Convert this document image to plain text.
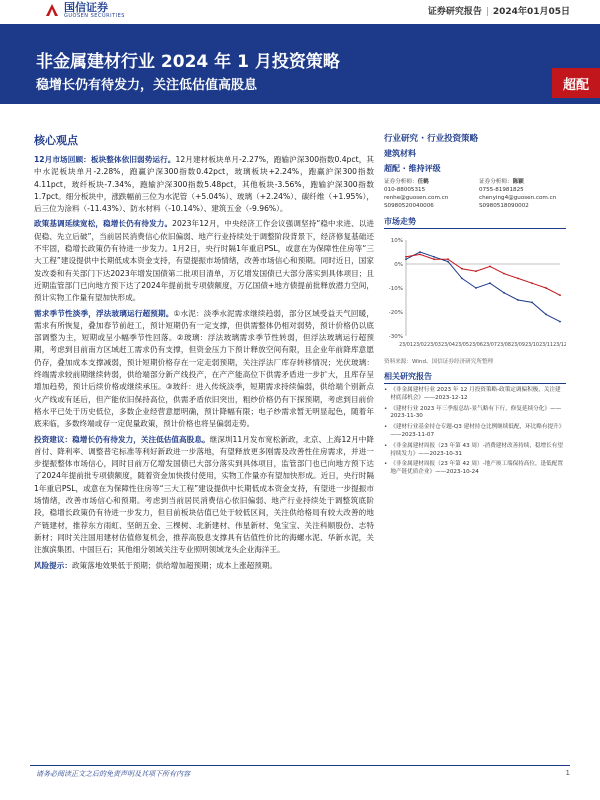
国信证券
GUOSEN SECURITIES	证券研究报告 | 2024年01月05日
非金属建材行业 2024 年 1 月投资策略
稳增长仍有待发力，关注低估值高股息	超配
核心观点

12月市场回顾：板块整体依旧弱势运行。12月建材板块单月-2.27%，跑输沪深300指数0.4pct，其中水泥板块单月-2.28%，跑赢沪深300指数0.42pct，玻璃板块+2.24%，跑赢沪深300指数4.11pct，玻纤板块-7.34%，跑输沪深300指数5.48pct，其他板块-3.56%，跑输沪深300指数1.7pct。细分板块中，涨跌幅前三位为水泥管（+5.04%）、玻璃（+2.24%）、碳纤维（+1.95%），后三位为涂料（-11.43%）、防水材料（-10.14%）、建筑五金（-9.96%）。

政策基调延续宽松，稳增长仍有待发力。2023年12月，中央经济工作会议强调坚持“稳中求进、以进促稳、先立后破”，当前居民消费信心依旧偏弱、地产行业持续处于调整阶段背景下，经济修复基础还不牢固，稳增长政策仍有待进一步发力。1月2日，央行时隔1年重启PSL，或意在为保障性住房等“三大工程”建设提供中长期低成本资金支持，有望提振市场情绪，改善市场信心和预期。同时近日，国家发改委和有关部门下达2023年增发国债第二批项目清单，万亿增发国债已大部分落实到具体项目；且近期监管部门已向地方预下达了2024年提前批专项债额度，万亿国债+地方债提前批释放潜力空间，预计实物工作量有望加快形成。

需求季节性淡季，浮法玻璃运行超预期。①水泥：淡季水泥需求继续趋弱，部分区域受益天气回暖，需求有所恢复，叠加春节前赶工，预计短期仍有一定支撑，但供需整体仍相对弱势，预计价格仍以底部调整为主，短期或呈小幅季节性回落。②玻璃：浮法玻璃需求季节性转弱，但浮法玻璃运行超预期，考虑到目前南方区域赶工需求仍有支撑，但资金压力下预计释放空间有限，且企业年前降库意愿仍存，叠加成本支撑减弱，预计短期价格存在一定走弱预期，关注浮法厂库存转移情况；光伏玻璃：终端需求较前期继续转弱，供给端部分新产线投产，在产产能高位下供需矛盾进一步扩大，且库存呈增加趋势，预计后续价格或继续承压。③玻纤：进入传统淡季，短期需求持续偏弱，供给端个别新点火产线或有延后，但产能依旧保持高位，供需矛盾依旧突出，粗纱价格仍有下探预期，考虑到目前价格水平已处于历史低位，多数企业经营意愿明确，预计降幅有限；电子纱需求暂无明显起色，随着年底来临，多数终端或存一定促量政策，预计价格也将呈偏弱走势。

投资建议：稳增长仍有待发力，关注低估值高股息。继深圳11月发布宽松新政，北京、上海12月中降首付、降利率、调整普宅标准等利好新政进一步落地，有望释放更多刚需及改善性住房需求，并进一步提振整体市场信心，同时目前万亿增发国债已大部分落实到具体项目，监管部门也已向地方预下达了2024年提前批专项债额度，随着资金加快拨付使用，实物工作量亦有望加快形成。近日，央行时隔1年重启PSL，或意在为保障性住房等“三大工程”建设提供中长期低成本资金支持，有望进一步提振市场情绪，改善市场信心和预期。考虑到当前居民消费信心依旧偏弱、地产行业持续处于调整筑底阶段，稳增长政策仍有待进一步发力，但目前板块估值已处于较低区间，关注供给格局有较大改善的地产链建材，推荐东方雨虹、坚朗五金、三棵树、北新建材、伟星新材、兔宝宝、关注科顺股份、志特新材；同时关注国用建材估值修复机会，推荐高股息支撑具有估值性价比的海螺水泥、华新水泥，关注旗滨集团、中国巨石；其他细分领域关注专业照明领域龙头企业海洋王。

风险提示：政策落地效果低于预期；供给增加超预期；成本上涨超预期。

行业研究 · 行业投资策略
建筑材料
超配 · 维持评级
证券分析师：任鹤
010-88005315
renhe@guosen.com.cn
S0980520040006
证券分析师：陈颖
0755-81981825
chenying4@guosen.com.cn
S0980518090002
市场走势
10%
0%
-10%
-20%
-30%
23/01 23/02 23/03 23/04 23/05 23/06 23/07 23/08 23/09 23/10 23/11 23/12
资料来源：Wind、国信证券经济研究所整理
相关研究报告
• 《非金属建材行业 2023 年 12 月投资策略-政策定调偏积极，关注建材底部机会》——2023-12-12
• 《建材行业 2023 年三季报总结-景气略有下行，修复延续分化》——2023-11-30
• 《建材行业基金持仓专题-Q3 建材持仓比例继续低配，环比略有提升》——2023-11-07
• 《非金属建材周报（23 年第 43 周）-消费建材改善持续，稳增长有望持续发力》——2023-10-31
• 《非金属建材周报（23 年第 42 周）-地产竣工端保持高位，逢低配置地产链优质企业》——2023-10-24
请务必阅读正文之后的免责声明及其项下所有内容	1
